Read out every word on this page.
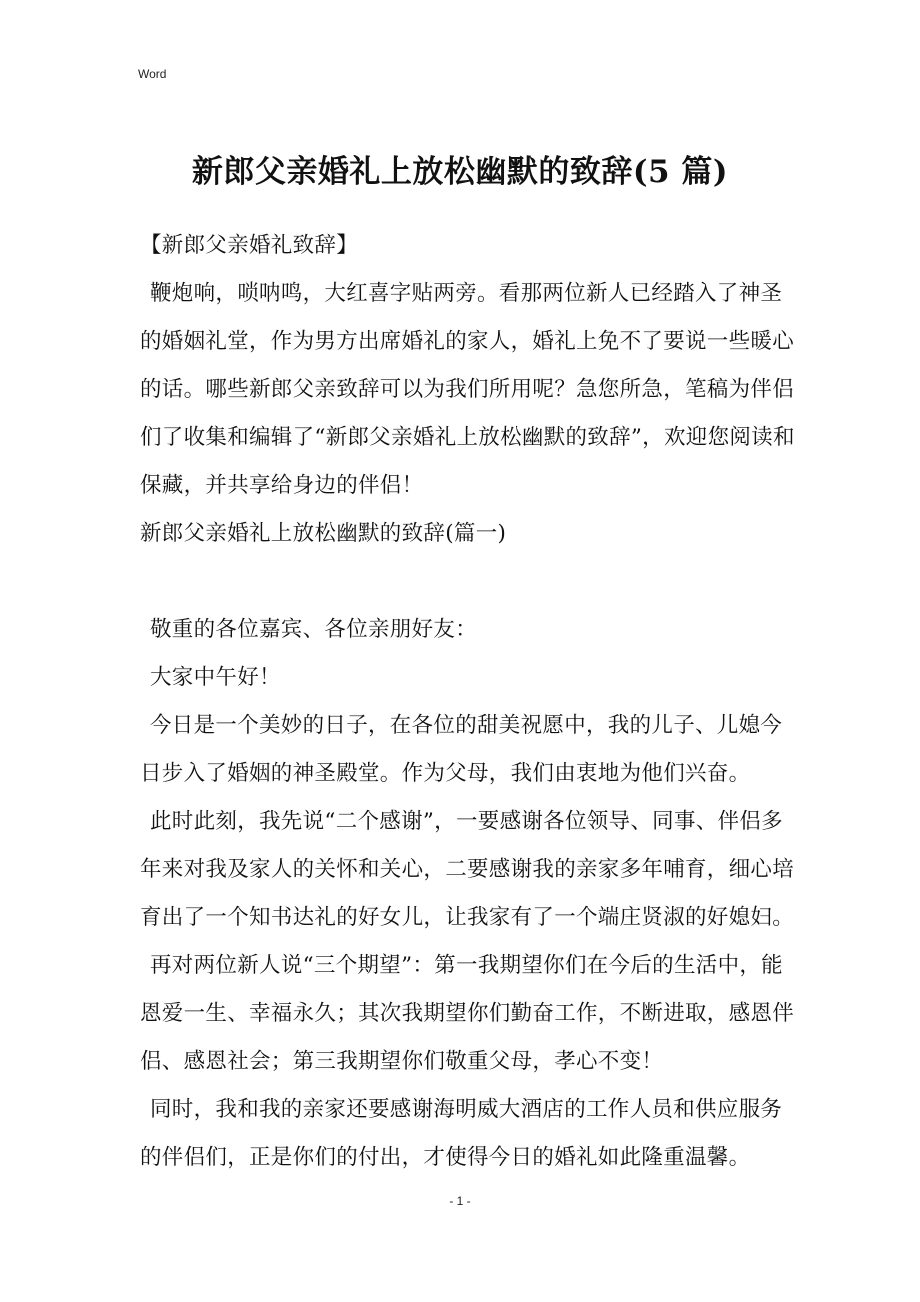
Word
新郎父亲婚礼上放松幽默的致辞(5 篇)
【新郎父亲婚礼致辞】
鞭炮响，唢呐鸣，大红喜字贴两旁。看那两位新人已经踏入了神圣
的婚姻礼堂，作为男方出席婚礼的家人，婚礼上免不了要说一些暖心
的话。哪些新郎父亲致辞可以为我们所用呢？急您所急，笔稿为伴侣
们了收集和编辑了“新郎父亲婚礼上放松幽默的致辞”，欢迎您阅读和
保藏，并共享给身边的伴侣！
新郎父亲婚礼上放松幽默的致辞(篇一)
敬重的各位嘉宾、各位亲朋好友：
大家中午好！
今日是一个美妙的日子，在各位的甜美祝愿中，我的儿子、儿媳今
日步入了婚姻的神圣殿堂。作为父母，我们由衷地为他们兴奋。
此时此刻，我先说“二个感谢”，一要感谢各位领导、同事、伴侣多
年来对我及家人的关怀和关心，二要感谢我的亲家多年哺育，细心培
育出了一个知书达礼的好女儿，让我家有了一个端庄贤淑的好媳妇。
再对两位新人说“三个期望”：第一我期望你们在今后的生活中，能
恩爱一生、幸福永久；其次我期望你们勤奋工作，不断进取，感恩伴
侣、感恩社会；第三我期望你们敬重父母，孝心不变！
同时，我和我的亲家还要感谢海明威大酒店的工作人员和供应服务
的伴侣们，正是你们的付出，才使得今日的婚礼如此隆重温馨。
- 1 -
